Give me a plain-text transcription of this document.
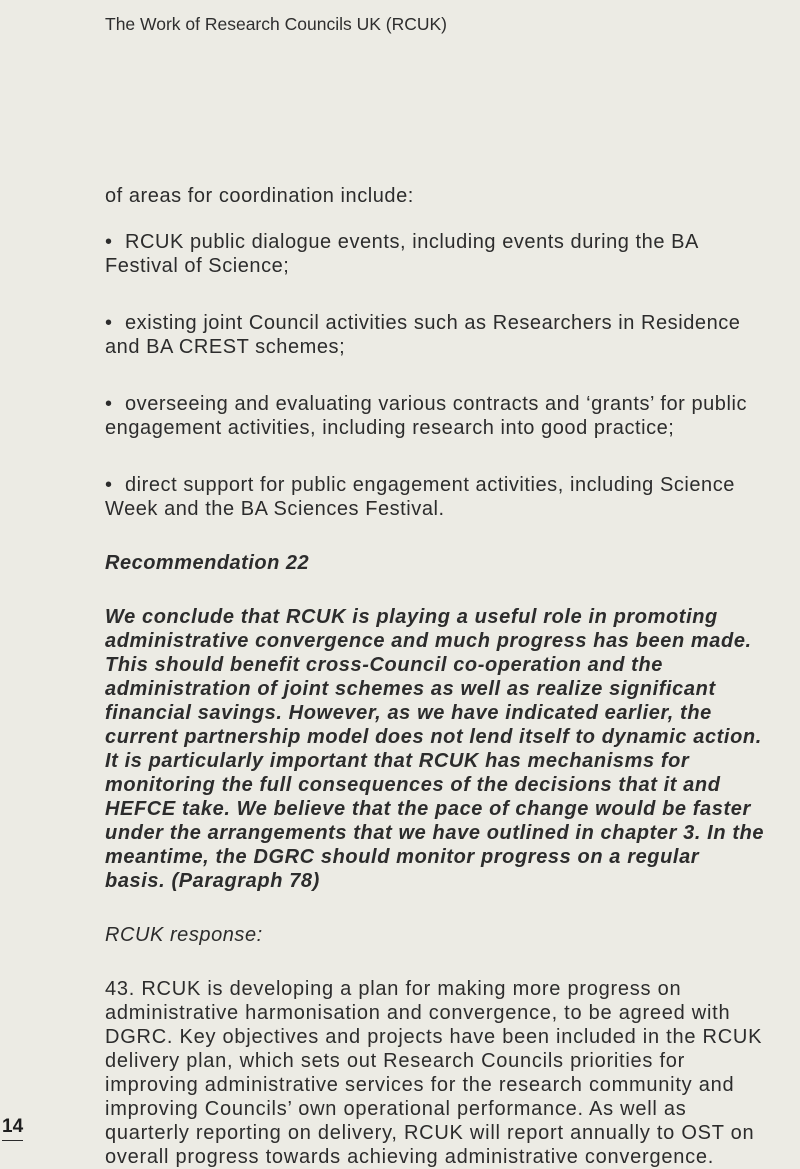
The Work of Research Councils UK (RCUK)

of areas for coordination include:

• RCUK public dialogue events, including events during the BA Festival of Science;
• existing joint Council activities such as Researchers in Residence and BA CREST schemes;
• overseeing and evaluating various contracts and ‘grants’ for public engagement activities, including research into good practice;
• direct support for public engagement activities, including Science Week and the BA Sciences Festival.

Recommendation 22

We conclude that RCUK is playing a useful role in promoting administrative convergence and much progress has been made. This should benefit cross-Council co-operation and the administration of joint schemes as well as realize significant financial savings. However, as we have indicated earlier, the current partnership model does not lend itself to dynamic action. It is particularly important that RCUK has mechanisms for monitoring the full consequences of the decisions that it and HEFCE take. We believe that the pace of change would be faster under the arrangements that we have outlined in chapter 3. In the meantime, the DGRC should monitor progress on a regular basis. (Paragraph 78)

RCUK response:

43. RCUK is developing a plan for making more progress on administrative harmonisation and convergence, to be agreed with DGRC. Key objectives and projects have been included in the RCUK delivery plan, which sets out Research Councils priorities for improving administrative services for the research community and improving Councils’ own operational performance. As well as quarterly reporting on delivery, RCUK will report annually to OST on overall progress towards achieving administrative convergence.

14
